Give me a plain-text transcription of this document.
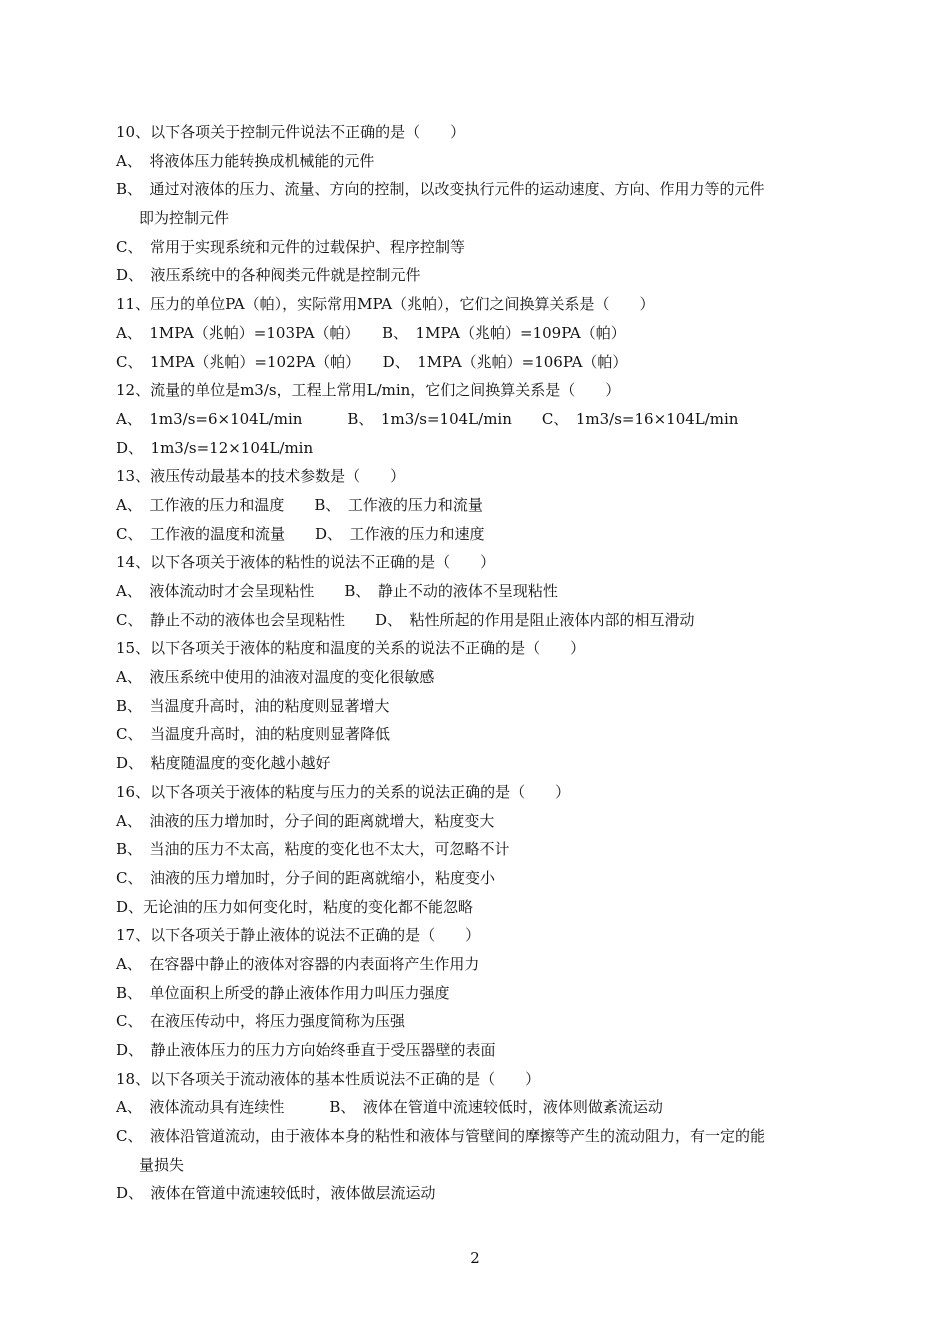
10、以下各项关于控制元件说法不正确的是（　　）
A、　将液体压力能转换成机械能的元件
B、　通过对液体的压力、流量、方向的控制，以改变执行元件的运动速度、方向、作用力等的元件
即为控制元件
C、　常用于实现系统和元件的过载保护、程序控制等
D、　液压系统中的各种阀类元件就是控制元件
11、压力的单位PA（帕），实际常用MPA（兆帕），它们之间换算关系是（　　）
A、　1MPA（兆帕）=103PA（帕）　　B、　1MPA（兆帕）=109PA（帕）
C、　1MPA（兆帕）=102PA（帕）　　D、　1MPA（兆帕）=106PA（帕）
12、流量的单位是m3/s，工程上常用L/min，它们之间换算关系是（　　）
A、　1m3/s=6×104L/min　　　B、　1m3/s=104L/min　　C、　1m3/s=16×104L/min
D、　1m3/s=12×104L/min
13、液压传动最基本的技术参数是（　　）
A、　工作液的压力和温度　　B、　工作液的压力和流量
C、　工作液的温度和流量　　D、　工作液的压力和速度
14、以下各项关于液体的粘性的说法不正确的是（　　）
A、　液体流动时才会呈现粘性　　B、　静止不动的液体不呈现粘性
C、　静止不动的液体也会呈现粘性　　D、　粘性所起的作用是阻止液体内部的相互滑动
15、以下各项关于液体的粘度和温度的关系的说法不正确的是（　　）
A、　液压系统中使用的油液对温度的变化很敏感
B、　当温度升高时，油的粘度则显著增大
C、　当温度升高时，油的粘度则显著降低
D、　粘度随温度的变化越小越好
16、以下各项关于液体的粘度与压力的关系的说法正确的是（　　）
A、　油液的压力增加时，分子间的距离就增大，粘度变大
B、　当油的压力不太高，粘度的变化也不太大，可忽略不计
C、　油液的压力增加时，分子间的距离就缩小，粘度变小
D、无论油的压力如何变化时，粘度的变化都不能忽略
17、以下各项关于静止液体的说法不正确的是（　　）
A、　在容器中静止的液体对容器的内表面将产生作用力
B、　单位面积上所受的静止液体作用力叫压力强度
C、　在液压传动中，将压力强度简称为压强
D、　静止液体压力的压力方向始终垂直于受压器壁的表面
18、以下各项关于流动液体的基本性质说法不正确的是（　　）
A、　液体流动具有连续性　　　B、　液体在管道中流速较低时，液体则做紊流运动
C、　液体沿管道流动，由于液体本身的粘性和液体与管壁间的摩擦等产生的流动阻力，有一定的能
量损失
D、　液体在管道中流速较低时，液体做层流运动
2
